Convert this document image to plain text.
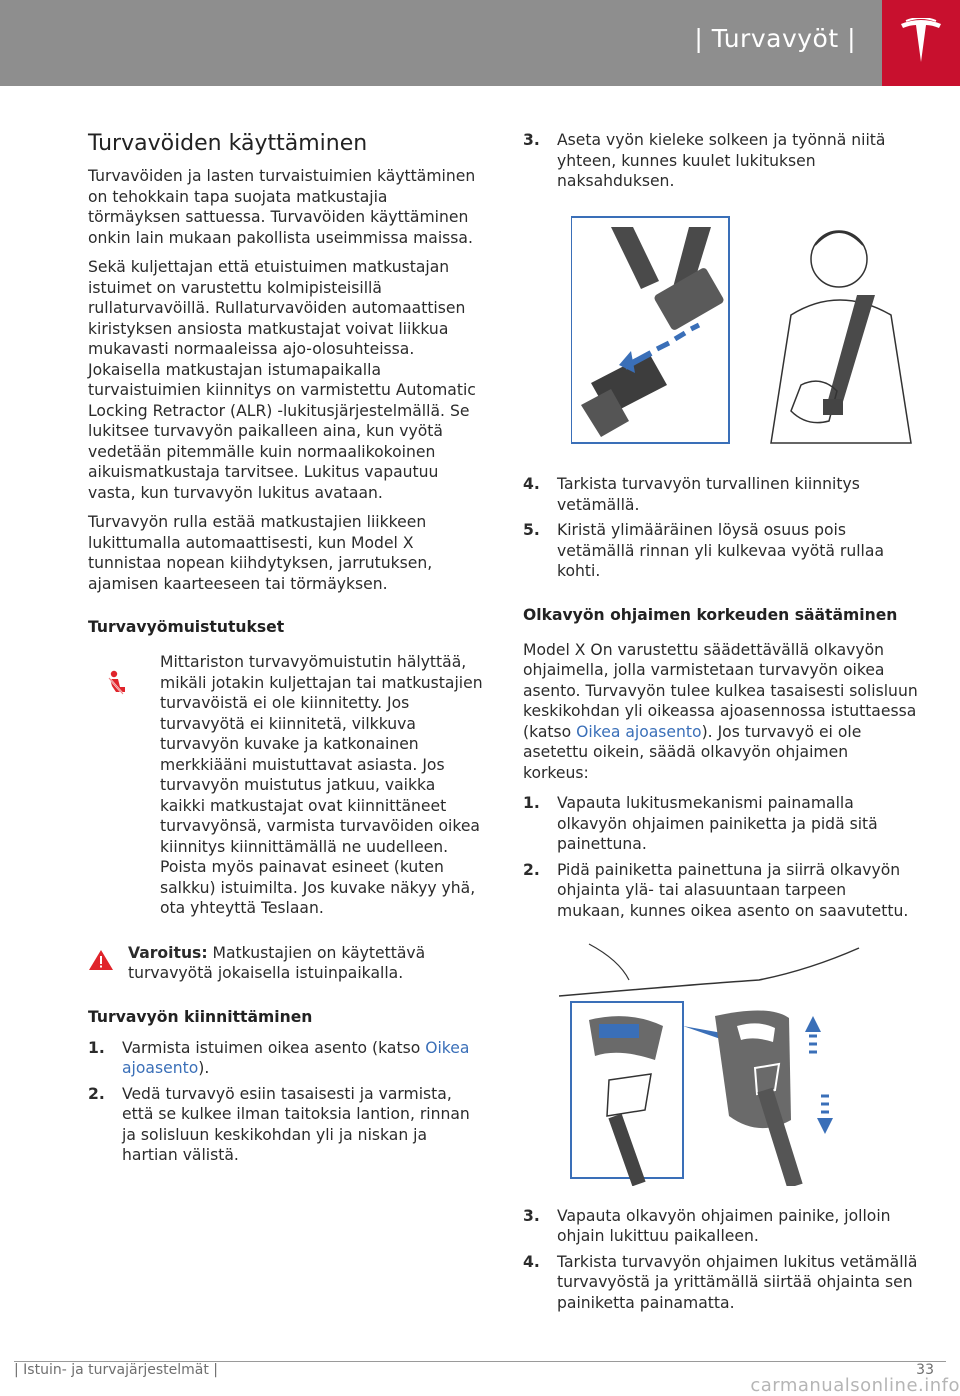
| Turvavyöt |
Turvavöiden käyttäminen

Turvavöiden ja lasten turvaistuimien käyttäminen on tehokkain tapa suojata matkustajia törmäyksen sattuessa. Turvavöiden käyttäminen onkin lain mukaan pakollista useimmissa maissa.

Sekä kuljettajan että etuistuimen matkustajan istuimet on varustettu kolmipisteisillä rullaturvavöillä. Rullaturvavöiden automaattisen kiristyksen ansiosta matkustajat voivat liikkua mukavasti normaaleissa ajo-olosuhteissa. Jokaisella matkustajan istumapaikalla turvaistuimien kiinnitys on varmistettu Automatic Locking Retractor (ALR) -lukitusjärjestelmällä. Se lukitsee turvavyön paikalleen aina, kun vyötä vedetään pitemmälle kuin normaalikokoinen aikuismatkustaja tarvitsee. Lukitus vapautuu vasta, kun turvavyön lukitus avataan.

Turvavyön rulla estää matkustajien liikkeen lukittumalla automaattisesti, kun Model X tunnistaa nopean kiihdytyksen, jarrutuksen, ajamisen kaarteeseen tai törmäyksen.

Turvavyömuistutukset

Mittariston turvavyömuistutin hälyttää, mikäli jotakin kuljettajan tai matkustajien turvavöistä ei ole kiinnitetty. Jos turvavyötä ei kiinnitetä, vilkkuva turvavyön kuvake ja katkonainen merkkiääni muistuttavat asiasta. Jos turvavyön muistutus jatkuu, vaikka kaikki matkustajat ovat kiinnittäneet turvavyönsä, varmista turvavöiden oikea kiinnitys kiinnittämällä ne uudelleen. Poista myös painavat esineet (kuten salkku) istuimilta. Jos kuvake näkyy yhä, ota yhteyttä Teslaan.

Varoitus: Matkustajien on käytettävä turvavyötä jokaisella istuinpaikalla.

Turvavyön kiinnittäminen
1. Varmista istuimen oikea asento (katso Oikea ajoasento).
2. Vedä turvavyö esiin tasaisesti ja varmista, että se kulkee ilman taitoksia lantion, rinnan ja solisluun keskikohdan yli ja niskan ja hartian välistä.
3. Aseta vyön kieleke solkeen ja työnnä niitä yhteen, kunnes kuulet lukituksen naksahduksen.
4. Tarkista turvavyön turvallinen kiinnitys vetämällä.
5. Kiristä ylimääräinen löysä osuus pois vetämällä rinnan yli kulkevaa vyötä rullaa kohti.
Olkavyön ohjaimen korkeuden säätäminen

Model X On varustettu säädettävällä olkavyön ohjaimella, jolla varmistetaan turvavyön oikea asento. Turvavyön tulee kulkea tasaisesti solisluun keskikohdan yli oikeassa ajoasennossa istuttaessa (katso Oikea ajoasento). Jos turvavyö ei ole asetettu oikein, säädä olkavyön ohjaimen korkeus:

1. Vapauta lukitusmekanismi painamalla olkavyön ohjaimen painiketta ja pidä sitä painettuna.
2. Pidä painiketta painettuna ja siirrä olkavyön ohjainta ylä- tai alasuuntaan tarpeen mukaan, kunnes oikea asento on saavutettu.
3. Vapauta olkavyön ohjaimen painike, jolloin ohjain lukittuu paikalleen.
4. Tarkista turvavyön ohjaimen lukitus vetämällä turvavyöstä ja yrittämällä siirtää ohjainta sen painiketta painamatta.
| Istuin- ja turvajärjestelmät |	33
carmanualsonline.info
